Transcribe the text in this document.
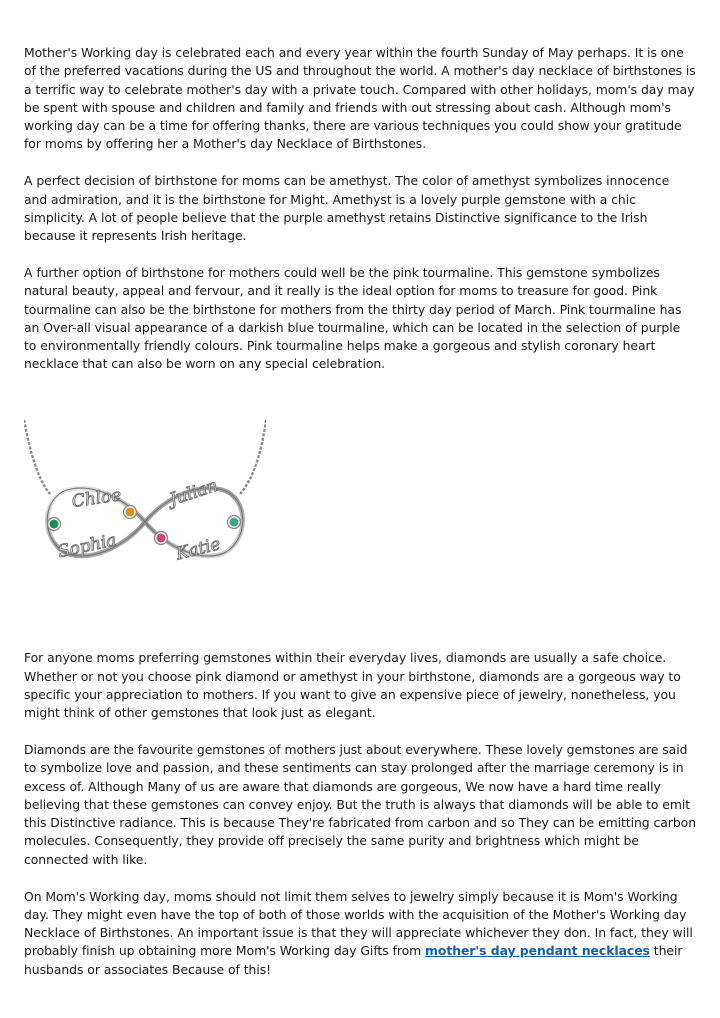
Mother's Working day is celebrated each and every year within the fourth Sunday of May perhaps. It is one of the preferred vacations during the US and throughout the world. A mother's day necklace of birthstones is a terrific way to celebrate mother's day with a private touch. Compared with other holidays, mom's day may be spent with spouse and children and family and friends with out stressing about cash. Although mom's working day can be a time for offering thanks, there are various techniques you could show your gratitude for moms by offering her a Mother's day Necklace of Birthstones.

A perfect decision of birthstone for moms can be amethyst. The color of amethyst symbolizes innocence and admiration, and it is the birthstone for Might. Amethyst is a lovely purple gemstone with a chic simplicity. A lot of people believe that the purple amethyst retains Distinctive significance to the Irish because it represents Irish heritage.

A further option of birthstone for mothers could well be the pink tourmaline. This gemstone symbolizes natural beauty, appeal and fervour, and it really is the ideal option for moms to treasure for good. Pink tourmaline can also be the birthstone for mothers from the thirty day period of March. Pink tourmaline has an Over-all visual appearance of a darkish blue tourmaline, which can be located in the selection of purple to environmentally friendly colours. Pink tourmaline helps make a gorgeous and stylish coronary heart necklace that can also be worn on any special celebration.

Chloe	Julian
Sophia	Katie

For anyone moms preferring gemstones within their everyday lives, diamonds are usually a safe choice. Whether or not you choose pink diamond or amethyst in your birthstone, diamonds are a gorgeous way to specific your appreciation to mothers. If you want to give an expensive piece of jewelry, nonetheless, you might think of other gemstones that look just as elegant.

Diamonds are the favourite gemstones of mothers just about everywhere. These lovely gemstones are said to symbolize love and passion, and these sentiments can stay prolonged after the marriage ceremony is in excess of. Although Many of us are aware that diamonds are gorgeous, We now have a hard time really believing that these gemstones can convey enjoy. But the truth is always that diamonds will be able to emit this Distinctive radiance. This is because They're fabricated from carbon and so They can be emitting carbon molecules. Consequently, they provide off precisely the same purity and brightness which might be connected with like.

On Mom's Working day, moms should not limit them selves to jewelry simply because it is Mom's Working day. They might even have the top of both of those worlds with the acquisition of the Mother's Working day Necklace of Birthstones. An important issue is that they will appreciate whichever they don. In fact, they will probably finish up obtaining more Mom's Working day Gifts from mother's day pendant necklaces their husbands or associates Because of this!
